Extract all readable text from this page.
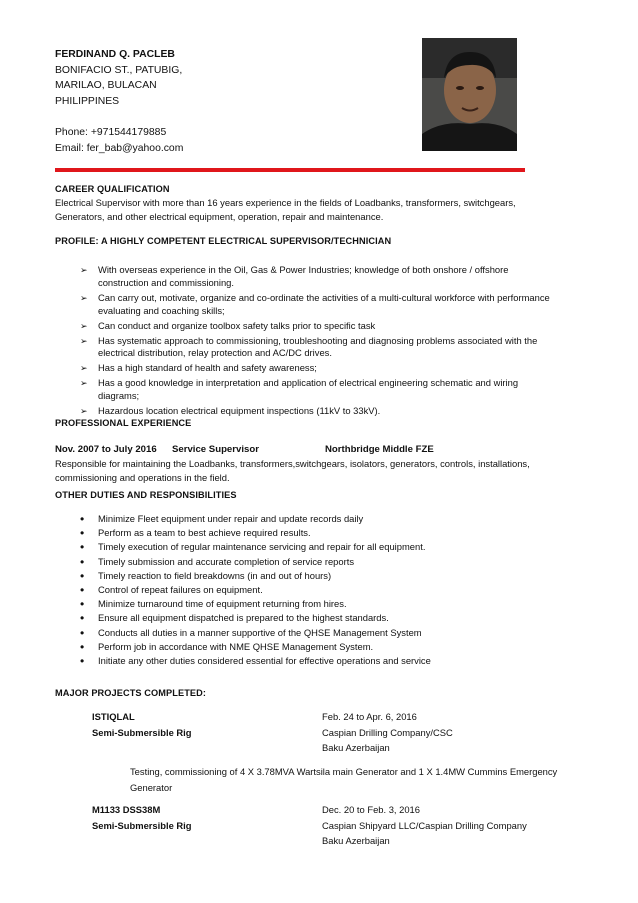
FERDINAND Q. PACLEB
BONIFACIO ST., PATUBIG,
MARILAO, BULACAN
PHILIPPINES
Phone: +971544179885
Email: fer_bab@yahoo.com
CAREER QUALIFICATION
Electrical Supervisor with more than 16 years experience in the fields of Loadbanks, transformers, switchgears,
Generators, and other electrical equipment, operation, repair and maintenance.
PROFILE: A HIGHLY COMPETENT ELECTRICAL SUPERVISOR/TECHNICIAN
➢ With overseas experience in the Oil, Gas & Power Industries; knowledge of both onshore / offshore
construction and commissioning.
➢ Can carry out, motivate, organize and co-ordinate the activities of a multi-cultural workforce with performance
evaluating and coaching skills;
➢ Can conduct and organize toolbox safety talks prior to specific task
➢ Has systematic approach to commissioning, troubleshooting and diagnosing problems associated with the
electrical distribution, relay protection and AC/DC drives.
➢ Has a high standard of health and safety awareness;
➢ Has a good knowledge in interpretation and application of electrical engineering schematic and wiring
diagrams;
➢ Hazardous location electrical equipment inspections (11kV to 33kV).
PROFESSIONAL EXPERIENCE
Nov. 2007 to July 2016 Service Supervisor	Northbridge Middle FZE
Responsible for maintaining the Loadbanks, transformers,switchgears, isolators, generators, controls, installations,
commissioning and operations in the field.
OTHER DUTIES AND RESPONSIBILITIES
• Minimize Fleet equipment under repair and update records daily
• Perform as a team to best achieve required results.
• Timely execution of regular maintenance servicing and repair for all equipment.
• Timely submission and accurate completion of service reports
• Timely reaction to field breakdowns (in and out of hours)
• Control of repeat failures on equipment.
• Minimize turnaround time of equipment returning from hires.
• Ensure all equipment dispatched is prepared to the highest standards.
• Conducts all duties in a manner supportive of the QHSE Management System
• Perform job in accordance with NME QHSE Management System.
• Initiate any other duties considered essential for effective operations and service
MAJOR PROJECTS COMPLETED:
ISTIQLAL
Semi-Submersible Rig
Feb. 24 to Apr. 6, 2016
Caspian Drilling Company/CSC
Baku Azerbaijan
Testing, commissioning of 4 X 3.78MVA Wartsila main Generator and 1 X 1.4MW Cummins Emergency
Generator
M1133 DSS38M
Semi-Submersible Rig
Dec. 20 to Feb. 3, 2016
Caspian Shipyard LLC/Caspian Drilling Company
Baku Azerbaijan
